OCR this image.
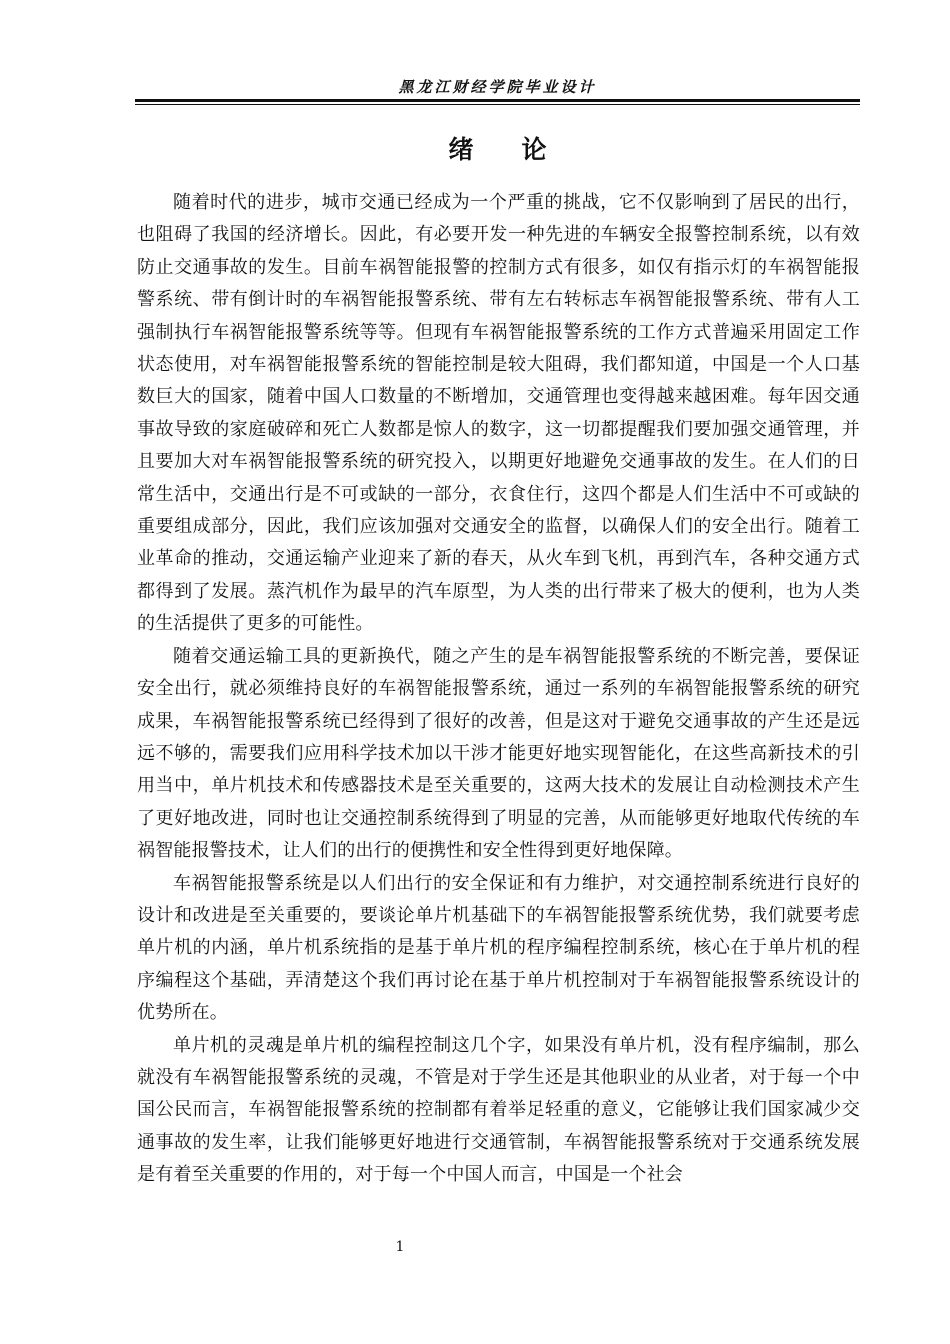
黑龙江财经学院毕业设计
绪论

随着时代的进步，城市交通已经成为一个严重的挑战，它不仅影响到了居民的出行，也阻碍了我国的经济增长。因此，有必要开发一种先进的车辆安全报警控制系统，以有效防止交通事故的发生。目前车祸智能报警的控制方式有很多，如仅有指示灯的车祸智能报警系统、带有倒计时的车祸智能报警系统、带有左右转标志车祸智能报警系统、带有人工强制执行车祸智能报警系统等等。但现有车祸智能报警系统的工作方式普遍采用固定工作状态使用，对车祸智能报警系统的智能控制是较大阻碍，我们都知道，中国是一个人口基数巨大的国家，随着中国人口数量的不断增加，交通管理也变得越来越困难。每年因交通事故导致的家庭破碎和死亡人数都是惊人的数字，这一切都提醒我们要加强交通管理，并且要加大对车祸智能报警系统的研究投入，以期更好地避免交通事故的发生。在人们的日常生活中，交通出行是不可或缺的一部分，衣食住行，这四个都是人们生活中不可或缺的重要组成部分，因此，我们应该加强对交通安全的监督，以确保人们的安全出行。随着工业革命的推动，交通运输产业迎来了新的春天，从火车到飞机，再到汽车，各种交通方式都得到了发展。蒸汽机作为最早的汽车原型，为人类的出行带来了极大的便利，也为人类的生活提供了更多的可能性。

随着交通运输工具的更新换代，随之产生的是车祸智能报警系统的不断完善，要保证安全出行，就必须维持良好的车祸智能报警系统，通过一系列的车祸智能报警系统的研究成果，车祸智能报警系统已经得到了很好的改善，但是这对于避免交通事故的产生还是远远不够的，需要我们应用科学技术加以干涉才能更好地实现智能化，在这些高新技术的引用当中，单片机技术和传感器技术是至关重要的，这两大技术的发展让自动检测技术产生了更好地改进，同时也让交通控制系统得到了明显的完善，从而能够更好地取代传统的车祸智能报警技术，让人们的出行的便携性和安全性得到更好地保障。

车祸智能报警系统是以人们出行的安全保证和有力维护，对交通控制系统进行良好的设计和改进是至关重要的，要谈论单片机基础下的车祸智能报警系统优势，我们就要考虑单片机的内涵，单片机系统指的是基于单片机的程序编程控制系统，核心在于单片机的程序编程这个基础，弄清楚这个我们再讨论在基于单片机控制对于车祸智能报警系统设计的优势所在。

单片机的灵魂是单片机的编程控制这几个字，如果没有单片机，没有程序编制，那么就没有车祸智能报警系统的灵魂，不管是对于学生还是其他职业的从业者，对于每一个中国公民而言，车祸智能报警系统的控制都有着举足轻重的意义，它能够让我们国家减少交通事故的发生率，让我们能够更好地进行交通管制，车祸智能报警系统对于交通系统发展是有着至关重要的作用的，对于每一个中国人而言，中国是一个社会

1
